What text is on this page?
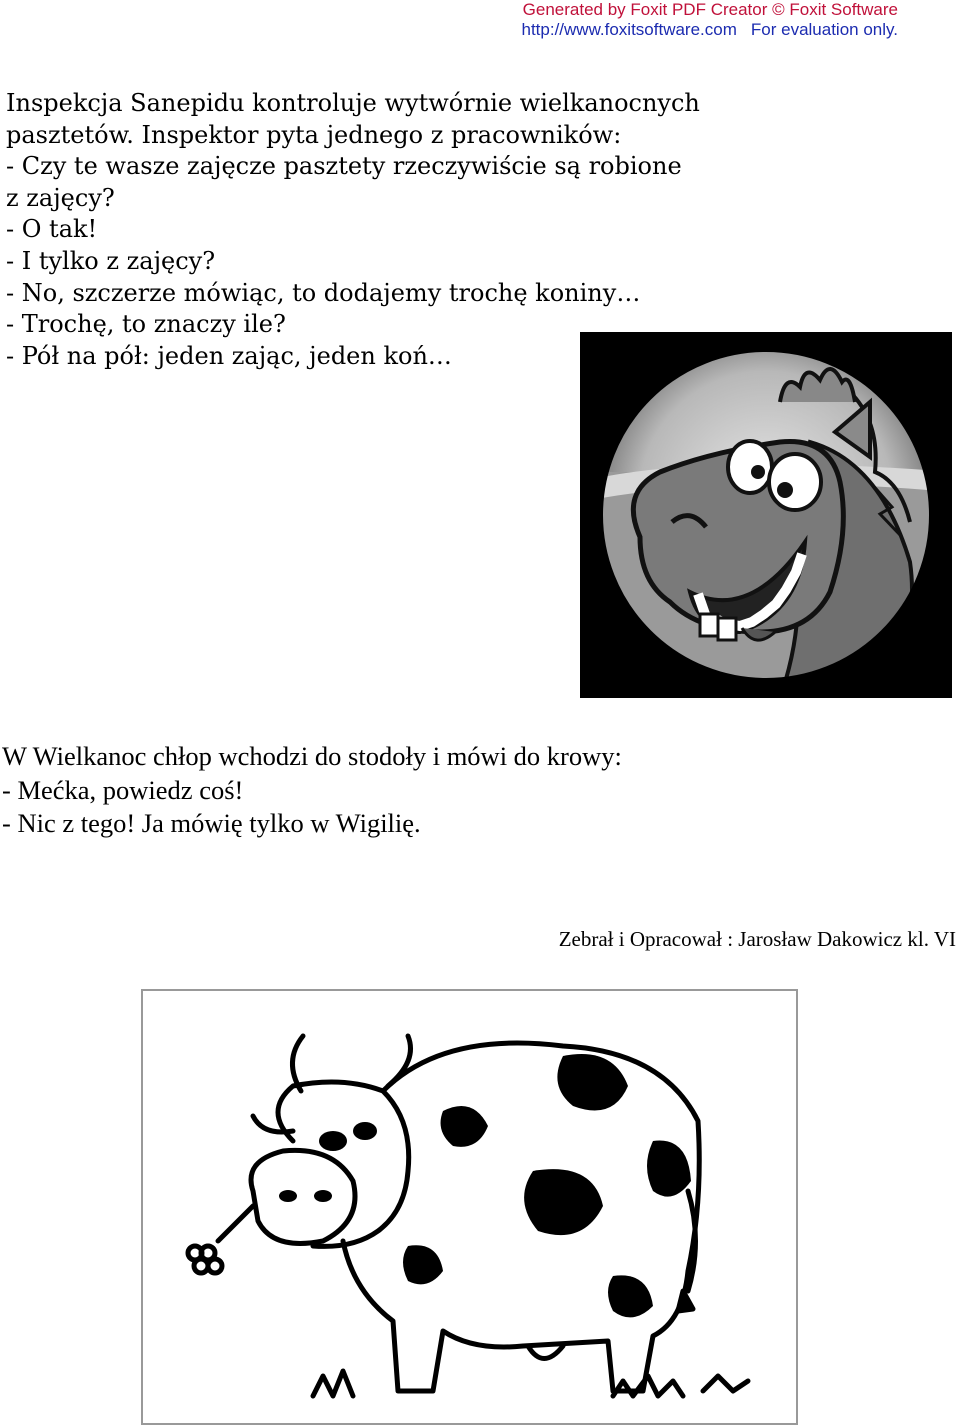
Generated by Foxit PDF Creator © Foxit Software
http://www.foxitsoftware.com For evaluation only.
Inspekcja Sanepidu kontroluje wytwórnie wielkanocnych
pasztetów. Inspektor pyta jednego z pracowników:
- Czy te wasze zajęcze pasztety rzeczywiście są robione
z zajęcy?
- O tak!
- I tylko z zajęcy?
- No, szczerze mówiąc, to dodajemy trochę koniny…
- Trochę, to znaczy ile?
- Pół na pół: jeden zając, jeden koń…
W Wielkanoc chłop wchodzi do stodoły i mówi do krowy:
- Mećka, powiedz coś!
- Nic z tego! Ja mówię tylko w Wigilię.
Zebrał i Opracował : Jarosław Dakowicz kl. VI
